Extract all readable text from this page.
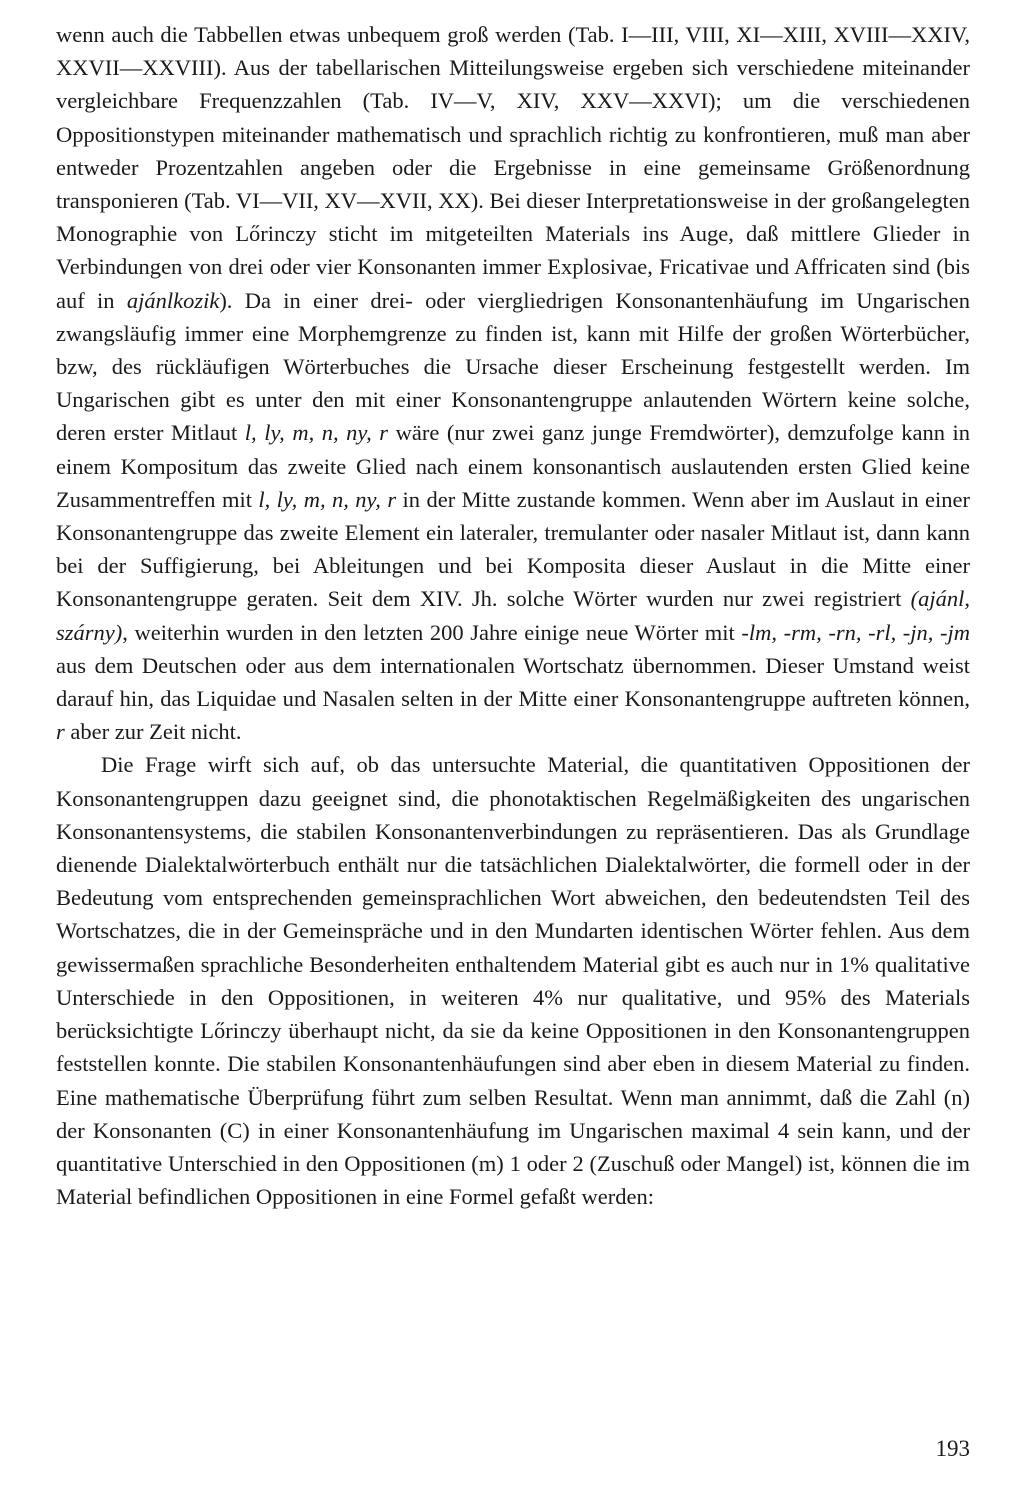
wenn auch die Tabbellen etwas unbequem groß werden (Tab. I—III, VIII, XI—XIII, XVIII—XXIV, XXVII—XXVIII). Aus der tabellarischen Mitteilungsweise ergeben sich verschiedene miteinander vergleichbare Frequenzzahlen (Tab. IV—V, XIV, XXV—XXVI); um die verschiedenen Oppositionstypen miteinander mathematisch und sprachlich richtig zu konfrontieren, muß man aber entweder Prozentzahlen angeben oder die Ergebnisse in eine gemeinsame Größenordnung transponieren (Tab. VI—VII, XV—XVII, XX). Bei dieser Interpretationsweise in der großangelegten Monographie von Lőrinczy sticht im mitgeteilten Materials ins Auge, daß mittlere Glieder in Verbindungen von drei oder vier Konsonanten immer Explosivae, Fricativae und Affricaten sind (bis auf in ajánlkozik). Da in einer drei- oder viergliedrigen Konsonantenhäufung im Ungarischen zwangsläufig immer eine Morphemgrenze zu finden ist, kann mit Hilfe der großen Wörterbücher, bzw, des rückläufigen Wörterbuches die Ursache dieser Erscheinung festgestellt werden. Im Ungarischen gibt es unter den mit einer Konsonantengruppe anlautenden Wörtern keine solche, deren erster Mitlaut l, ly, m, n, ny, r wäre (nur zwei ganz junge Fremdwörter), demzufolge kann in einem Kompositum das zweite Glied nach einem konsonantisch auslautenden ersten Glied keine Zusammentreffen mit l, ly, m, n, ny, r in der Mitte zustande kommen. Wenn aber im Auslaut in einer Konsonantengruppe das zweite Element ein lateraler, tremulanter oder nasaler Mitlaut ist, dann kann bei der Suffigierung, bei Ableitungen und bei Komposita dieser Auslaut in die Mitte einer Konsonantengruppe geraten. Seit dem XIV. Jh. solche Wörter wurden nur zwei registriert (ajánl, szárny), weiterhin wurden in den letzten 200 Jahre einige neue Wörter mit -lm, -rm, -rn, -rl, -jn, -jm aus dem Deutschen oder aus dem internationalen Wortschatz übernommen. Dieser Umstand weist darauf hin, das Liquidae und Nasalen selten in der Mitte einer Konsonantengruppe auftreten können, r aber zur Zeit nicht.

Die Frage wirft sich auf, ob das untersuchte Material, die quantitativen Oppositionen der Konsonantengruppen dazu geeignet sind, die phonotaktischen Regelmäßigkeiten des ungarischen Konsonantensystems, die stabilen Konsonantenverbindungen zu repräsentieren. Das als Grundlage dienende Dialektalwörterbuch enthält nur die tatsächlichen Dialektalwörter, die formell oder in der Bedeutung vom entsprechenden gemeinsprachlichen Wort abweichen, den bedeutendsten Teil des Wortschatzes, die in der Gemeinspräche und in den Mundarten identischen Wörter fehlen. Aus dem gewissermaßen sprachliche Besonderheiten enthaltendem Material gibt es auch nur in 1% qualitative Unterschiede in den Oppositionen, in weiteren 4% nur qualitative, und 95% des Materials berücksichtigte Lőrinczy überhaupt nicht, da sie da keine Oppositionen in den Konsonantengruppen feststellen konnte. Die stabilen Konsonantenhäufungen sind aber eben in diesem Material zu finden. Eine mathematische Überprüfung führt zum selben Resultat. Wenn man annimmt, daß die Zahl (n) der Konsonanten (C) in einer Konsonantenhäufung im Ungarischen maximal 4 sein kann, und der quantitative Unterschied in den Oppositionen (m) 1 oder 2 (Zuschuß oder Mangel) ist, können die im Material befindlichen Oppositionen in eine Formel gefaßt werden:

193
